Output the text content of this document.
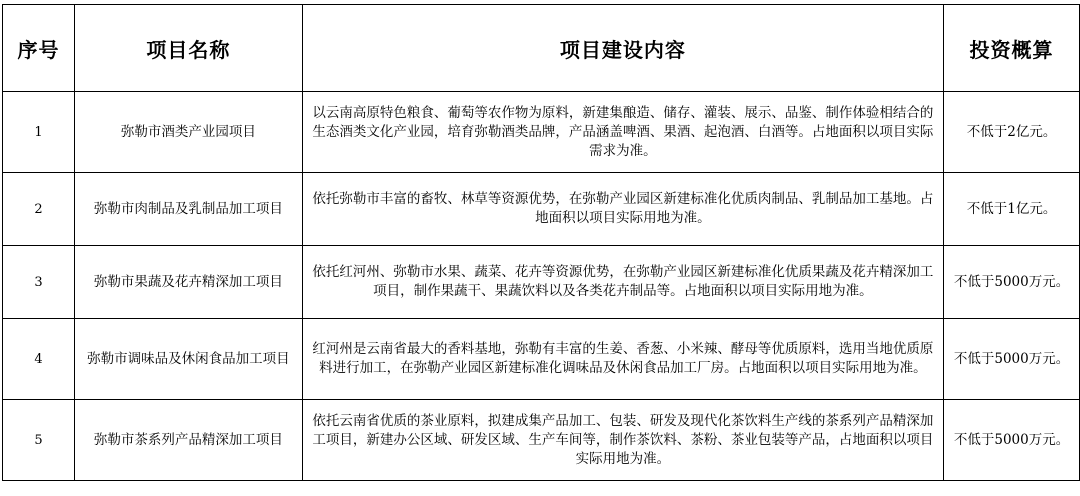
序号	项目名称	项目建设内容	投资概算
1	弥勒市酒类产业园项目	以云南高原特色粮食、葡萄等农作物为原料，新建集酿造、储存、灌装、展示、品鉴、制作体验相结合的生态酒类文化产业园，培育弥勒酒类品牌，产品涵盖啤酒、果酒、起泡酒、白酒等。占地面积以项目实际需求为准。	不低于2亿元。
2	弥勒市肉制品及乳制品加工项目	依托弥勒市丰富的畜牧、林草等资源优势，在弥勒产业园区新建标准化优质肉制品、乳制品加工基地。占地面积以项目实际用地为准。	不低于1亿元。
3	弥勒市果蔬及花卉精深加工项目	依托红河州、弥勒市水果、蔬菜、花卉等资源优势，在弥勒产业园区新建标准化优质果蔬及花卉精深加工项目，制作果蔬干、果蔬饮料以及各类花卉制品等。占地面积以项目实际用地为准。	不低于5000万元。
4	弥勒市调味品及休闲食品加工项目	红河州是云南省最大的香料基地，弥勒有丰富的生姜、香葱、小米辣、酵母等优质原料，选用当地优质原料进行加工，在弥勒产业园区新建标准化调味品及休闲食品加工厂房。占地面积以项目实际用地为准。	不低于5000万元。
5	弥勒市茶系列产品精深加工项目	依托云南省优质的茶业原料，拟建成集产品加工、包装、研发及现代化茶饮料生产线的茶系列产品精深加工项目，新建办公区域、研发区域、生产车间等，制作茶饮料、茶粉、茶业包装等产品，占地面积以项目实际用地为准。	不低于5000万元。
